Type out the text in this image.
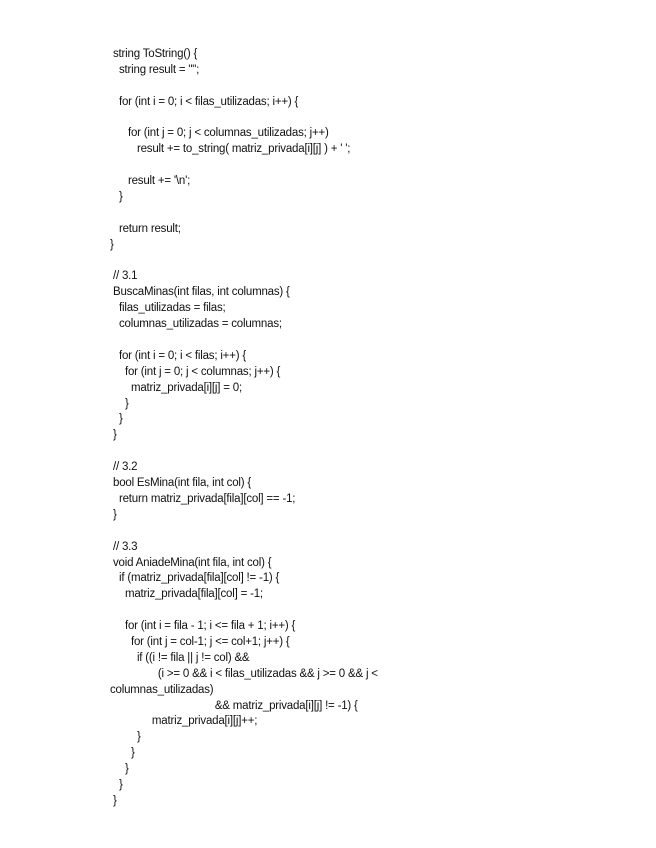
string ToString() {
string result = "";
for (int i = 0; i < filas_utilizadas; i++) {
for (int j = 0; j < columnas_utilizadas; j++)
result += to_string( matriz_privada[i][j] ) + ' ';
result += '\n';
}
return result;
}
// 3.1
BuscaMinas(int filas, int columnas) {
filas_utilizadas = filas;
columnas_utilizadas = columnas;
for (int i = 0; i < filas; i++) {
for (int j = 0; j < columnas; j++) {
matriz_privada[i][j] = 0;
}
}
}
// 3.2
bool EsMina(int fila, int col) {
return matriz_privada[fila][col] == -1;
}
// 3.3
void AniadeMina(int fila, int col) {
if (matriz_privada[fila][col] != -1) {
matriz_privada[fila][col] = -1;
for (int i = fila - 1; i <= fila + 1; i++) {
for (int j = col-1; j <= col+1; j++) {
if ((i != fila || j != col) &&
(i >= 0 && i < filas_utilizadas && j >= 0 && j <
columnas_utilizadas)
&& matriz_privada[i][j] != -1) {
matriz_privada[i][j]++;
}
}
}
}
}
